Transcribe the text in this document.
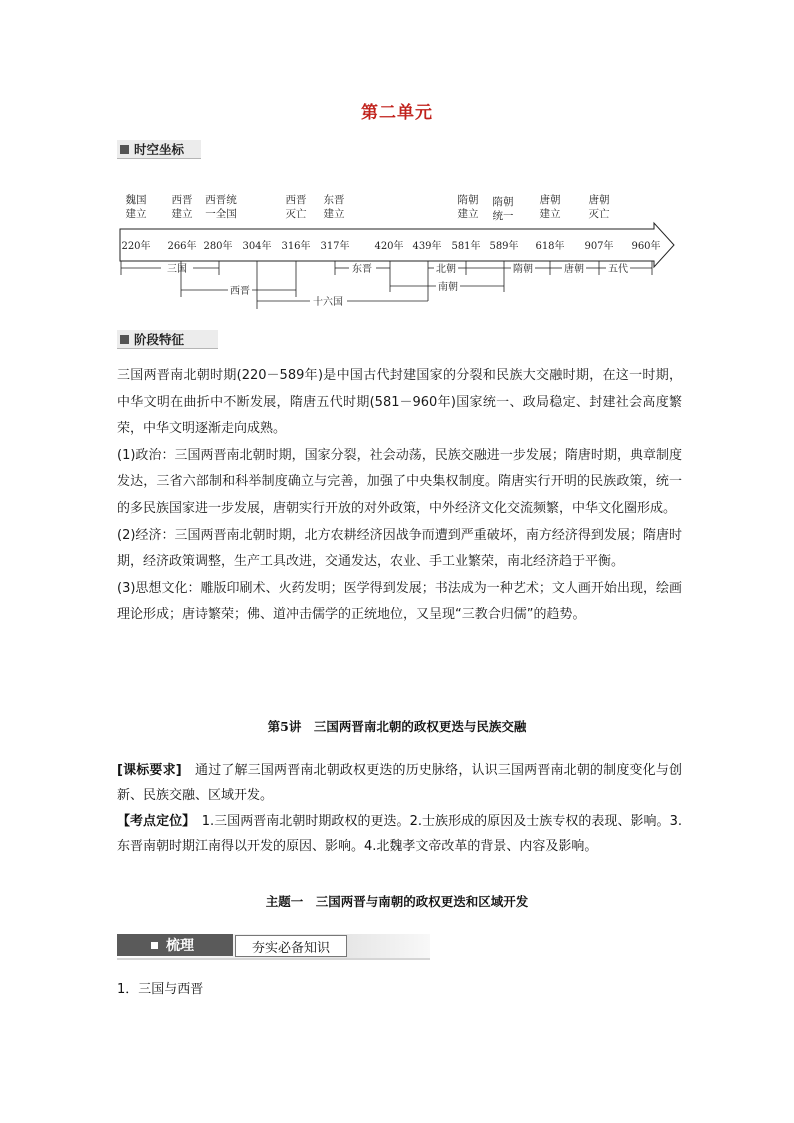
第二单元
时空坐标
魏国
建立
西晋
建立
西晋统
一全国
西晋
灭亡
东晋
建立
隋朝
建立
隋朝
统一
唐朝
建立
唐朝
灭亡
220年 266年 280年 304年 316年 317年 420年 439年 581年 589年 618年 907年 960年
三国	东晋	北朝	隋朝	唐朝 五代
西晋	南朝
十六国
阶段特征

三国两晋南北朝时期(220－589年)是中国古代封建国家的分裂和民族大交融时期，在这一时期，中华文明在曲折中不断发展，隋唐五代时期(581－960年)国家统一、政局稳定、封建社会高度繁荣，中华文明逐渐走向成熟。

(1)政治：三国两晋南北朝时期，国家分裂，社会动荡，民族交融进一步发展；隋唐时期，典章制度发达，三省六部制和科举制度确立与完善，加强了中央集权制度。隋唐实行开明的民族政策，统一的多民族国家进一步发展，唐朝实行开放的对外政策，中外经济文化交流频繁，中华文化圈形成。

(2)经济：三国两晋南北朝时期，北方农耕经济因战争而遭到严重破坏，南方经济得到发展；隋唐时期，经济政策调整，生产工具改进，交通发达，农业、手工业繁荣，南北经济趋于平衡。

(3)思想文化：雕版印刷术、火药发明；医学得到发展；书法成为一种艺术；文人画开始出现，绘画理论形成；唐诗繁荣；佛、道冲击儒学的正统地位，又呈现“三教合归儒”的趋势。

第5讲　三国两晋南北朝的政权更迭与民族交融

[课标要求]　通过了解三国两晋南北朝政权更迭的历史脉络，认识三国两晋南北朝的制度变化与创新、民族交融、区域开发。

【考点定位】　1.三国两晋南北朝时期政权的更迭。2.士族形成的原因及士族专权的表现、影响。3.东晋南朝时期江南得以开发的原因、影响。4.北魏孝文帝改革的背景、内容及影响。

主题一　三国两晋与南朝的政权更迭和区域开发
梳理	夯实必备知识
1．三国与西晋
